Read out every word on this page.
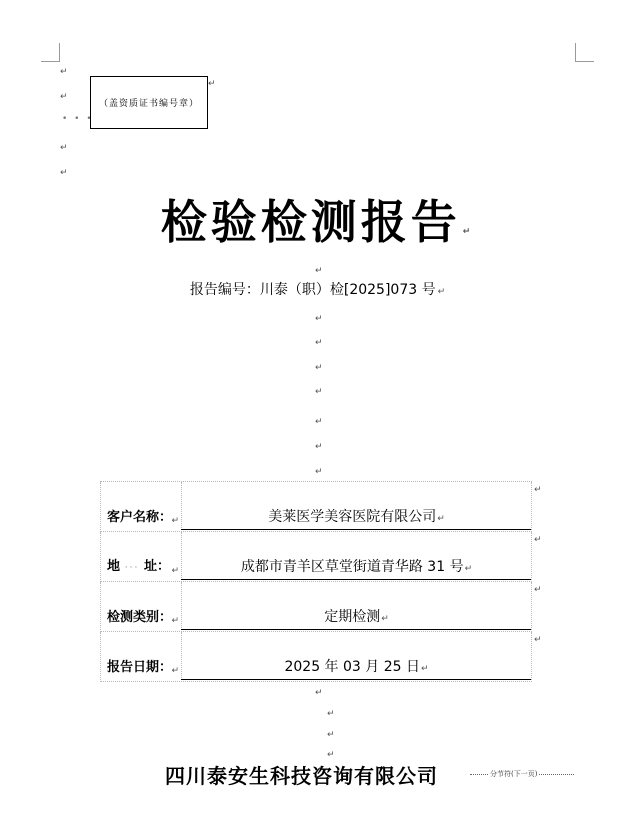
↵
↵
• • •
↵
↵
（盖资质证书编号章）
↵
检验检测报告 ↵
↵
报告编号：川泰（职）检[2025]073 号 ↵
↵
↵
↵
↵
↵
↵
↵
客户名称： ↵	美莱医学美容医院有限公司↵
↵
地 ··· 址： ↵	成都市青羊区草堂街道青华路 31 号↵
↵
检测类别： ↵	定期检测↵
↵
报告日期： ↵	2025 年 03 月 25 日↵
↵
↵
↵
↵
↵
四川泰安生科技咨询有限公司	分节符(下一页)
